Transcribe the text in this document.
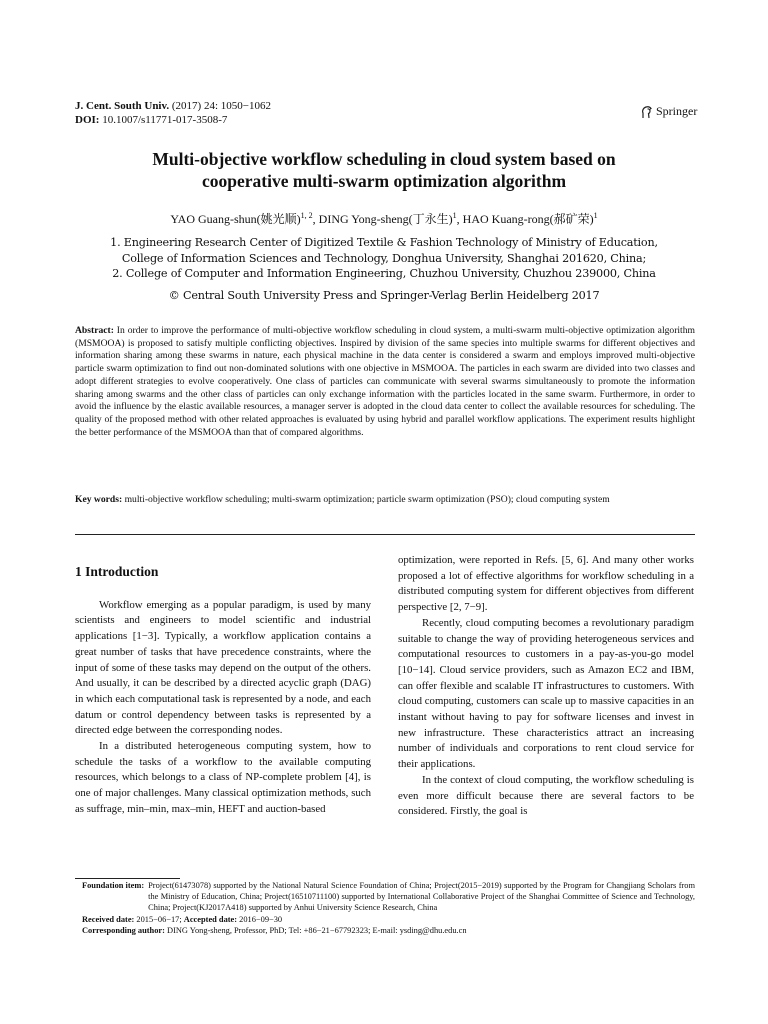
J. Cent. South Univ. (2017) 24: 1050−1062
DOI: 10.1007/s11771-017-3508-7
Springer
Multi-objective workflow scheduling in cloud system based on
cooperative multi-swarm optimization algorithm
YAO Guang-shun(姚光顺)$^{1, 2}$, DING Yong-sheng(丁永生)$^1$, HAO Kuang-rong(郝矿荣)$^1$
1. Engineering Research Center of Digitized Textile & Fashion Technology of Ministry of Education,
College of Information Sciences and Technology, Donghua University, Shanghai 201620, China;
2. College of Computer and Information Engineering, Chuzhou University, Chuzhou 239000, China
© Central South University Press and Springer-Verlag Berlin Heidelberg 2017
Abstract: In order to improve the performance of multi-objective workflow scheduling in cloud system, a multi-swarm multi-objective optimization algorithm (MSMOOA) is proposed to satisfy multiple conflicting objectives. Inspired by division of the same species into multiple swarms for different objectives and information sharing among these swarms in nature, each physical machine in the data center is considered a swarm and employs improved multi-objective particle swarm optimization to find out non-dominated solutions with one objective in MSMOOA. The particles in each swarm are divided into two classes and adopt different strategies to evolve cooperatively. One class of particles can communicate with several swarms simultaneously to promote the information sharing among swarms and the other class of particles can only exchange information with the particles located in the same swarm. Furthermore, in order to avoid the influence by the elastic available resources, a manager server is adopted in the cloud data center to collect the available resources for scheduling. The quality of the proposed method with other related approaches is evaluated by using hybrid and parallel workflow applications. The experiment results highlight the better performance of the MSMOOA than that of compared algorithms.
Key words: multi-objective workflow scheduling; multi-swarm optimization; particle swarm optimization (PSO); cloud computing system
1 Introduction

Workflow emerging as a popular paradigm, is used by many scientists and engineers to model scientific and industrial applications [1−3]. Typically, a workflow application contains a great number of tasks that have precedence constraints, where the input of some of these tasks may depend on the output of the others. And usually, it can be described by a directed acyclic graph (DAG) in which each computational task is represented by a node, and each datum or control dependency between tasks is represented by a directed edge between the corresponding nodes.

In a distributed heterogeneous computing system, how to schedule the tasks of a workflow to the available computing resources, which belongs to a class of NP-complete problem [4], is one of major challenges. Many classical optimization methods, such as suffrage, min–min, max–min, HEFT and auction-based

optimization, were reported in Refs. [5, 6]. And many other works proposed a lot of effective algorithms for workflow scheduling in a distributed computing system for different objectives from different perspective [2, 7−9].

Recently, cloud computing becomes a revolutionary paradigm suitable to change the way of providing heterogeneous services and computational resources to customers in a pay-as-you-go model [10−14]. Cloud service providers, such as Amazon EC2 and IBM, can offer flexible and scalable IT infrastructures to customers. With cloud computing, customers can scale up to massive capacities in an instant without having to pay for software licenses and invest in new infrastructure. These characteristics attract an increasing number of individuals and corporations to rent cloud service for their applications.

In the context of cloud computing, the workflow scheduling is even more difficult because there are several factors to be considered. Firstly, the goal is

Foundation item: Project(61473078) supported by the National Natural Science Foundation of China; Project(2015−2019) supported by the Program for Changjiang Scholars from the Ministry of Education, China; Project(16510711100) supported by International Collaborative Project of the Shanghai Committee of Science and Technology, China; Project(KJ2017A418) supported by Anhui University Science Research, China
Received date: 2015−06−17; Accepted date: 2016−09−30
Corresponding author: DING Yong-sheng, Professor, PhD; Tel: +86−21−67792323; E-mail: ysding@dhu.edu.cn
